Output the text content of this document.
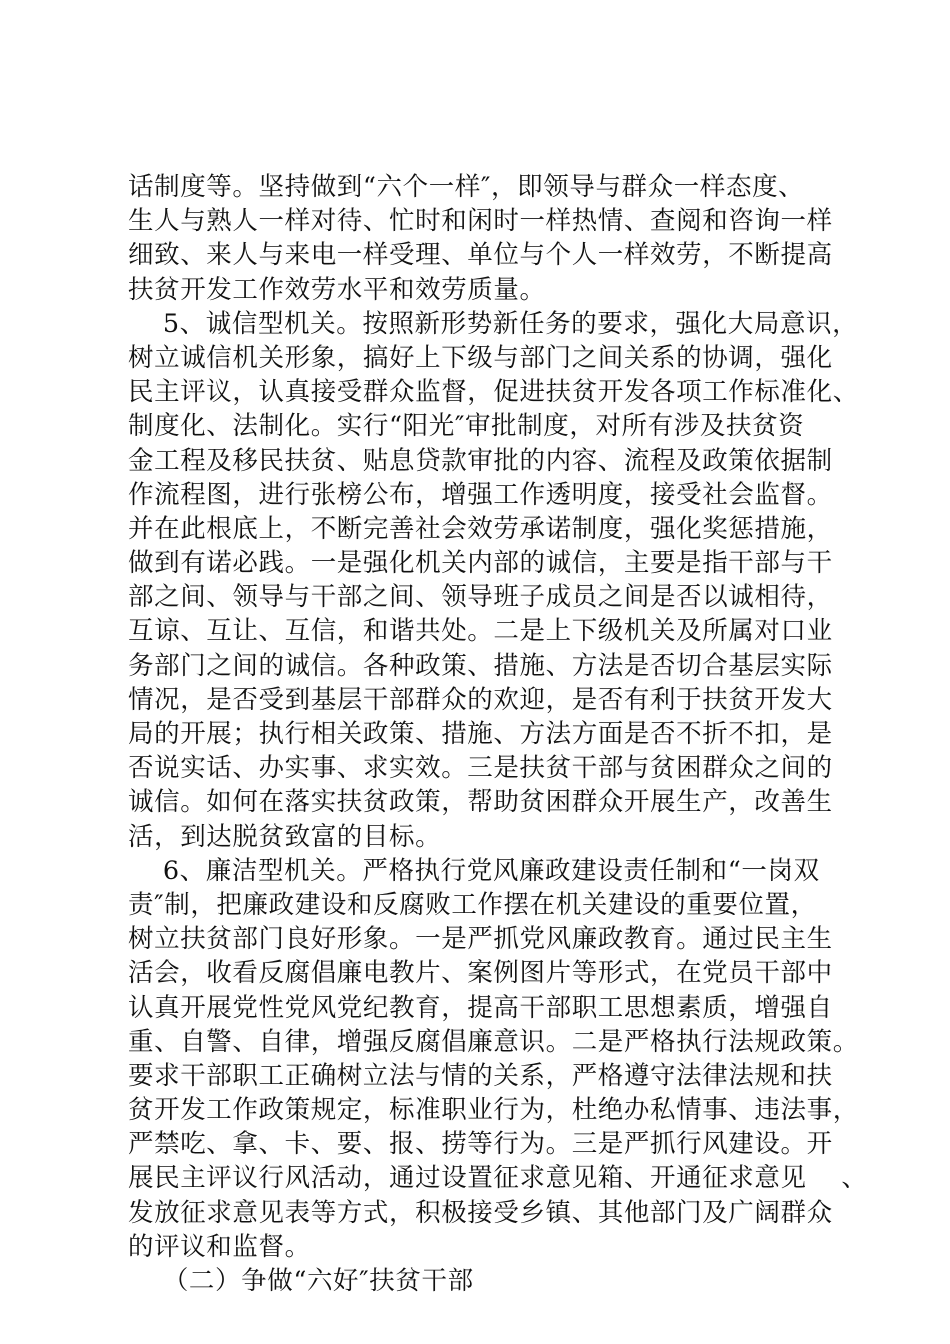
话制度等。坚持做到“六个一样″，即领导与群众一样态度、
生人与熟人一样对待、忙时和闲时一样热情、查阅和咨询一样
细致、来人与来电一样受理、单位与个人一样效劳，不断提高
扶贫开发工作效劳水平和效劳质量。
5、诚信型机关。按照新形势新任务的要求，强化大局意识，
树立诚信机关形象，搞好上下级与部门之间关系的协调，强化
民主评议，认真接受群众监督，促进扶贫开发各项工作标准化、
制度化、法制化。实行“阳光″审批制度，对所有涉及扶贫资
金工程及移民扶贫、贴息贷款审批的内容、流程及政策依据制
作流程图，进行张榜公布，增强工作透明度，接受社会监督。
并在此根底上，不断完善社会效劳承诺制度，强化奖惩措施，
做到有诺必践。一是强化机关内部的诚信，主要是指干部与干
部之间、领导与干部之间、领导班子成员之间是否以诚相待，
互谅、互让、互信，和谐共处。二是上下级机关及所属对口业
务部门之间的诚信。各种政策、措施、方法是否切合基层实际
情况，是否受到基层干部群众的欢迎，是否有利于扶贫开发大
局的开展；执行相关政策、措施、方法方面是否不折不扣，是
否说实话、办实事、求实效。三是扶贫干部与贫困群众之间的
诚信。如何在落实扶贫政策，帮助贫困群众开展生产，改善生
活，到达脱贫致富的目标。
6、廉洁型机关。严格执行党风廉政建设责任制和“一岗双
责″制，把廉政建设和反腐败工作摆在机关建设的重要位置，
树立扶贫部门良好形象。一是严抓党风廉政教育。通过民主生
活会，收看反腐倡廉电教片、案例图片等形式，在党员干部中
认真开展党性党风党纪教育，提高干部职工思想素质，增强自
重、自警、自律，增强反腐倡廉意识。二是严格执行法规政策。
要求干部职工正确树立法与情的关系，严格遵守法律法规和扶
贫开发工作政策规定，标准职业行为，杜绝办私情事、违法事，
严禁吃、拿、卡、要、报、捞等行为。三是严抓行风建设。开
展民主评议行风活动，通过设置征求意见箱、开通征求意见    、
发放征求意见表等方式，积极接受乡镇、其他部门及广阔群众
的评议和监督。
（二）争做“六好″扶贫干部
